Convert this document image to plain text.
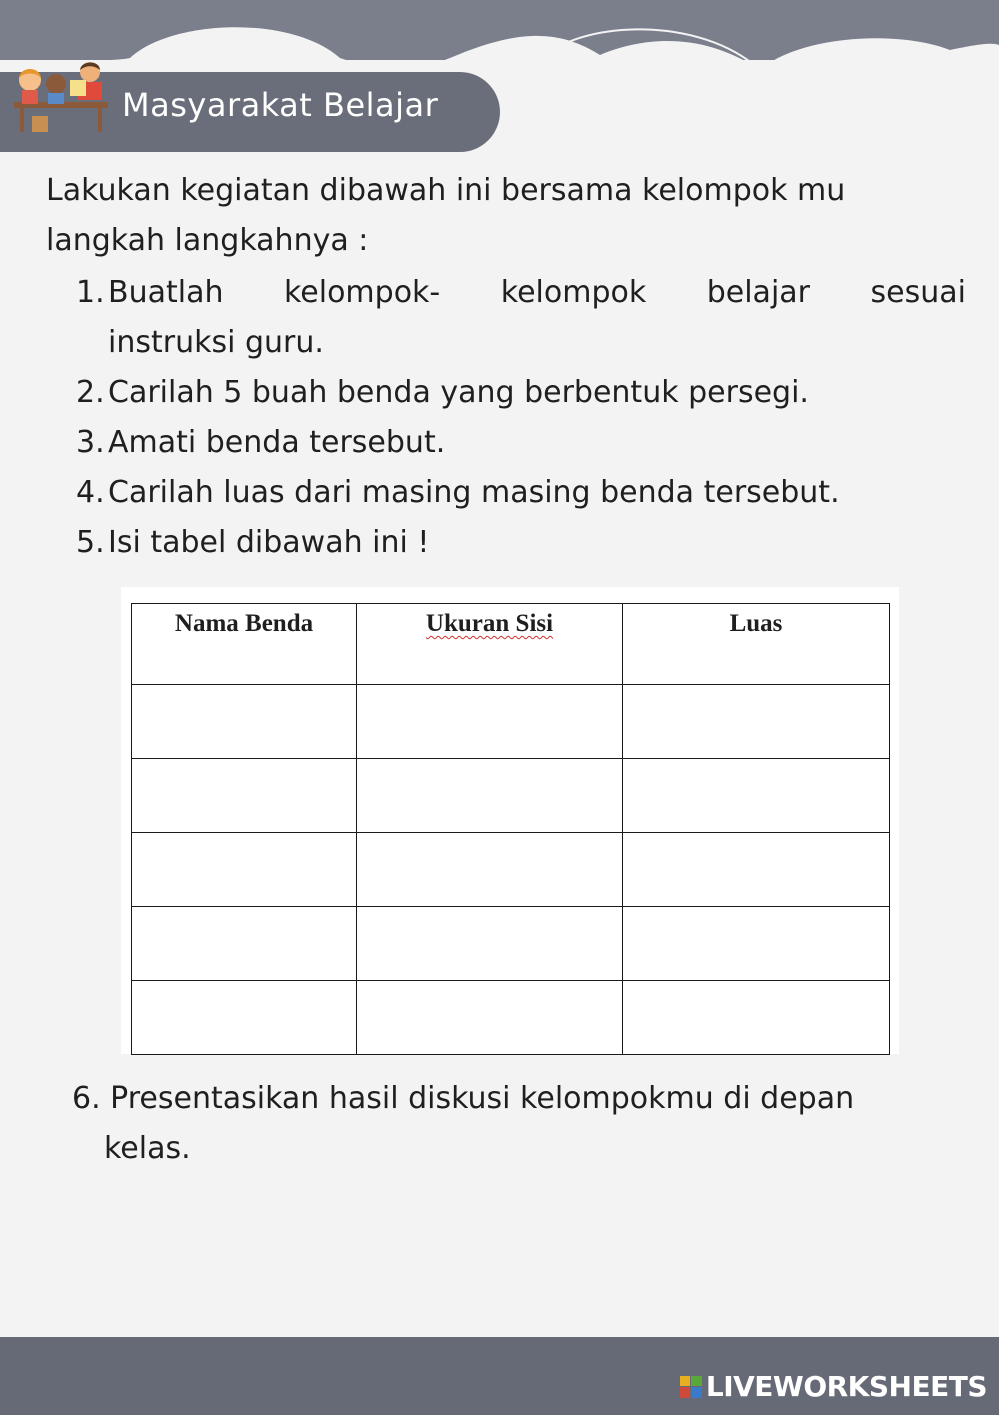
Masyarakat Belajar
Lakukan kegiatan dibawah ini bersama kelompok mu langkah langkahnya :
1. Buatlah kelompok- kelompok belajar sesuai
instruksi guru.
2. Carilah 5 buah benda yang berbentuk persegi.
3. Amati benda tersebut.
4. Carilah luas dari masing masing benda tersebut.
5. Isi tabel dibawah ini !
Nama Benda	Ukuran Sisi	Luas

6. Presentasikan hasil diskusi kelompokmu di depan
kelas.
LIVEWORKSHEETS
